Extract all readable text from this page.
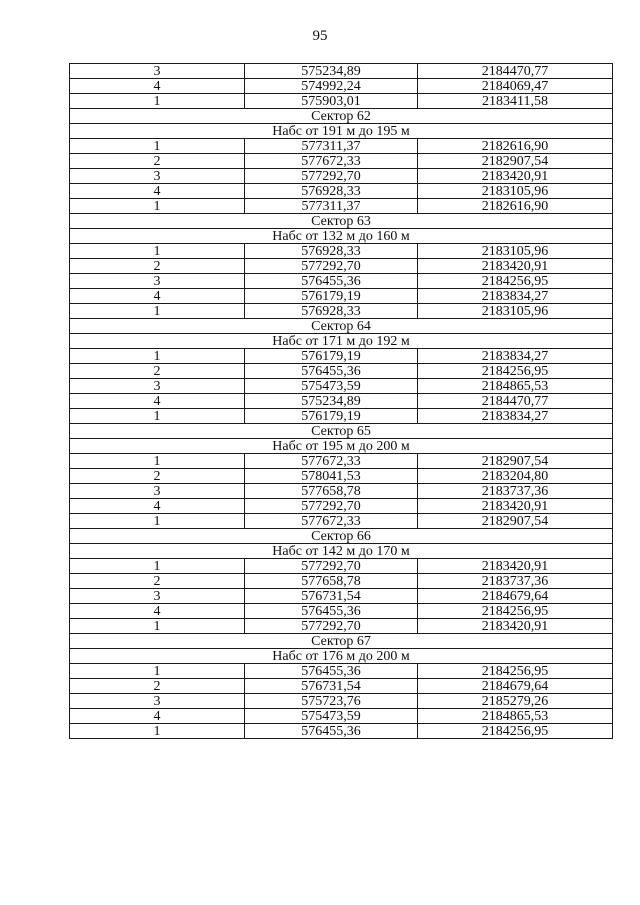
95
3	575234,89	2184470,77
4	574992,24	2184069,47
1	575903,01	2183411,58
Сектор 62		
Набс от 191 м до 195 м		
1	577311,37	2182616,90
2	577672,33	2182907,54
3	577292,70	2183420,91
4	576928,33	2183105,96
1	577311,37	2182616,90
Сектор 63		
Набс от 132 м до 160 м		
1	576928,33	2183105,96
2	577292,70	2183420,91
3	576455,36	2184256,95
4	576179,19	2183834,27
1	576928,33	2183105,96
Сектор 64		
Набс от 171 м до 192 м		
1	576179,19	2183834,27
2	576455,36	2184256,95
3	575473,59	2184865,53
4	575234,89	2184470,77
1	576179,19	2183834,27
Сектор 65		
Набс от 195 м до 200 м		
1	577672,33	2182907,54
2	578041,53	2183204,80
3	577658,78	2183737,36
4	577292,70	2183420,91
1	577672,33	2182907,54
Сектор 66		
Набс от 142 м до 170 м		
1	577292,70	2183420,91
2	577658,78	2183737,36
3	576731,54	2184679,64
4	576455,36	2184256,95
1	577292,70	2183420,91
Сектор 67		
Набс от 176 м до 200 м		
1	576455,36	2184256,95
2	576731,54	2184679,64
3	575723,76	2185279,26
4	575473,59	2184865,53
1	576455,36	2184256,95
